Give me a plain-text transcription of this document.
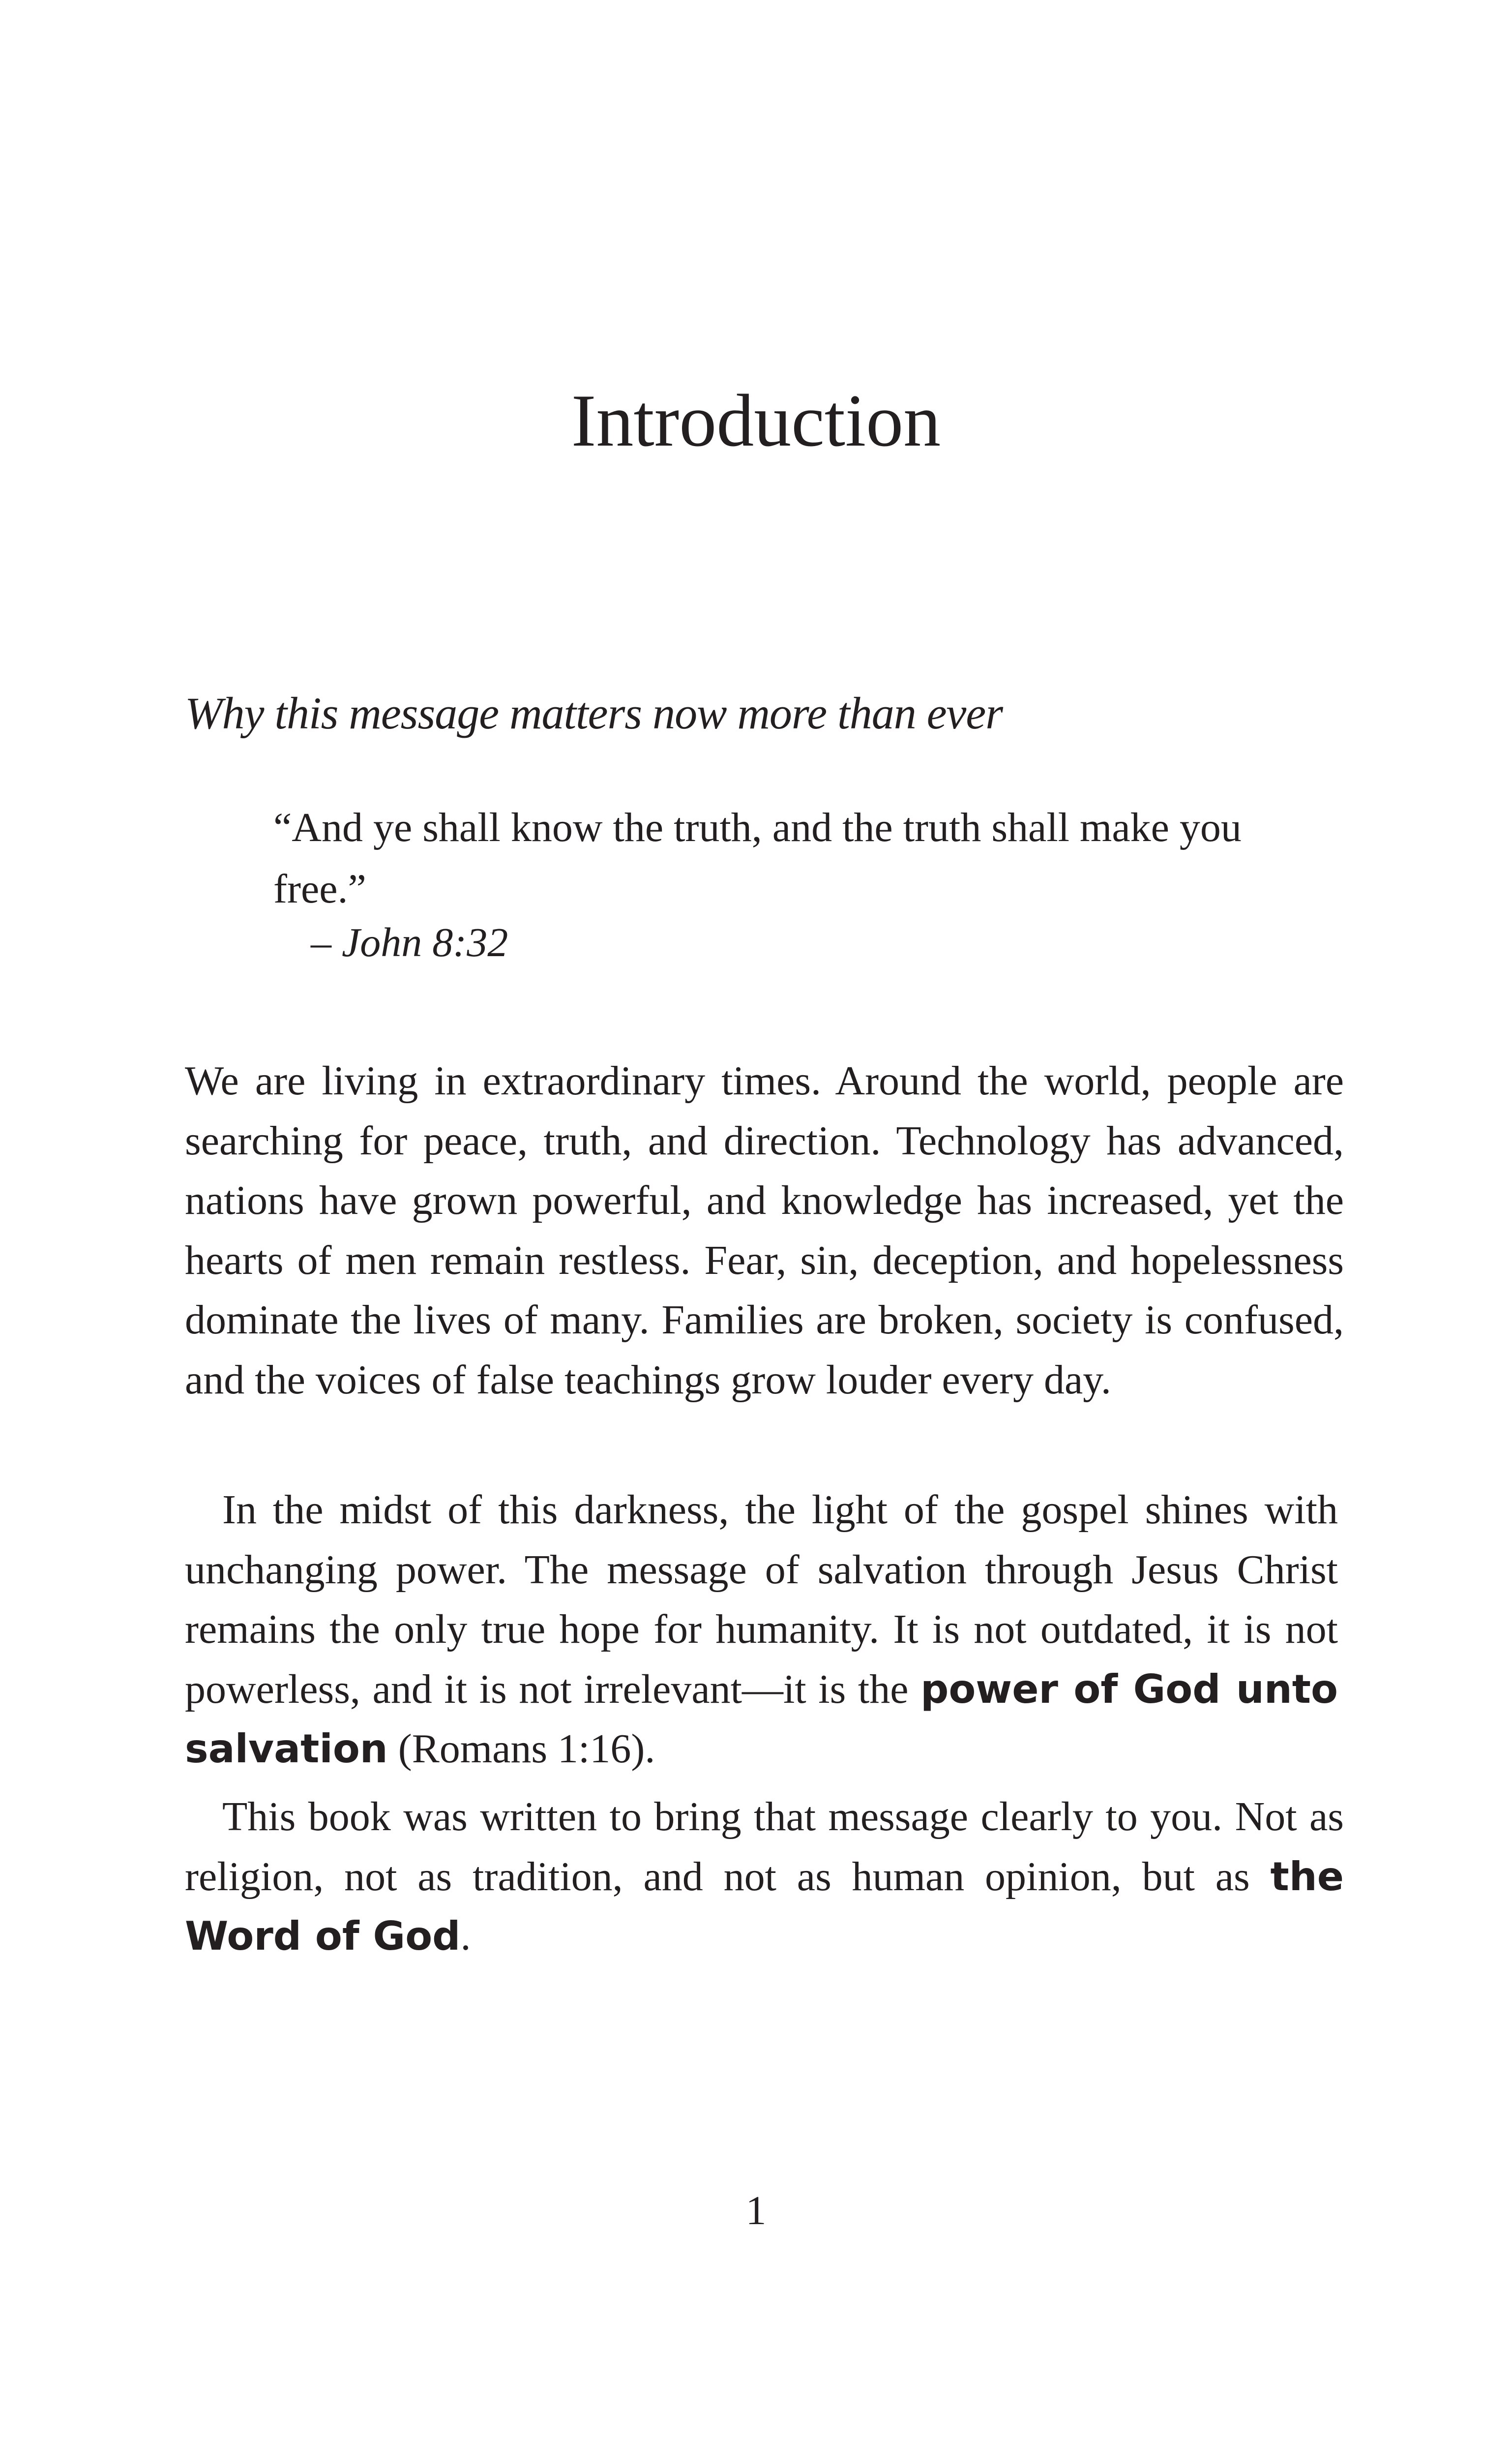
Introduction

Why this message matters now more than ever

“And ye shall know the truth, and the truth shall make you free.”

– John 8:32

We are living in extraordinary times. Around the world, people are searching for peace, truth, and direction. Technology has advanced, nations have grown powerful, and knowledge has increased, yet the hearts of men remain restless. Fear, sin, deception, and hopelessness dominate the lives of many. Families are broken, society is confused, and the voices of false teachings grow louder every day.

In the midst of this darkness, the light of the gospel shines with unchanging power. The message of salvation through Jesus Christ remains the only true hope for humanity. It is not outdated, it is not powerless, and it is not irrelevant—it is the power of God unto salvation (Romans 1:16).

This book was written to bring that message clearly to you. Not as religion, not as tradition, and not as human opinion, but as the Word of God.

1
